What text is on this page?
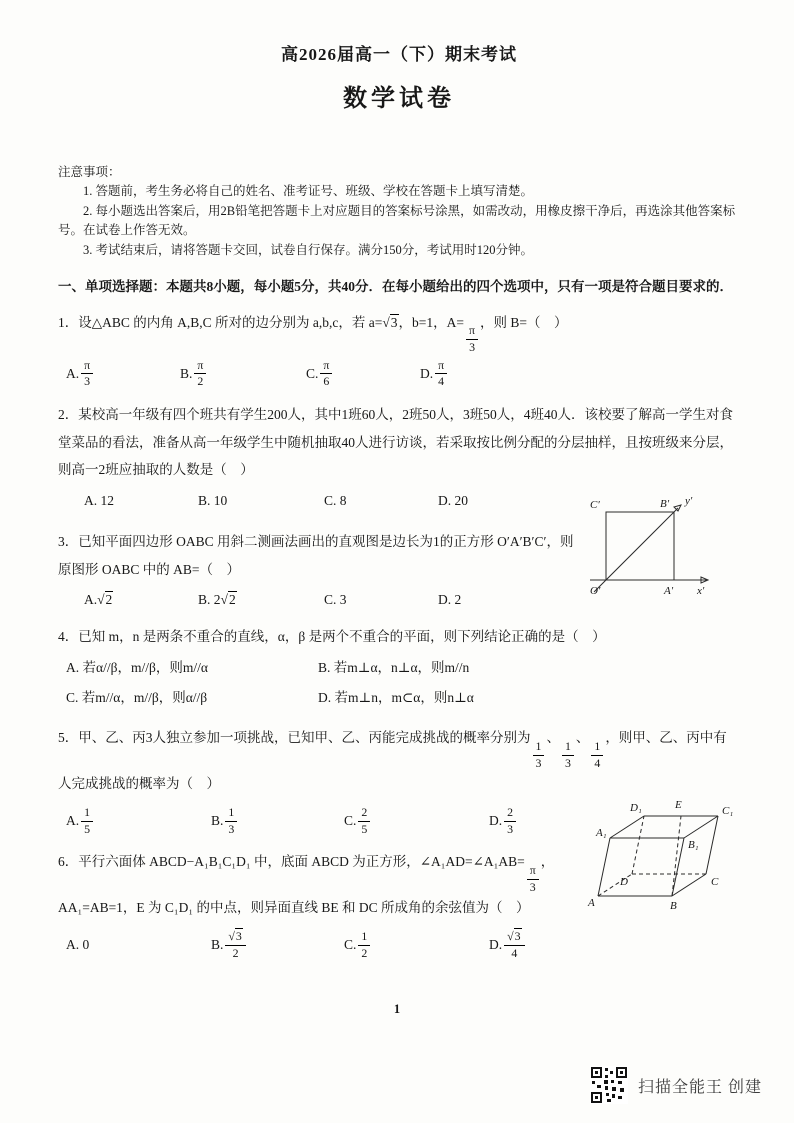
高2026届高一（下）期末考试
数学试卷

注意事项：

1. 答题前，考生务必将自己的姓名、准考证号、班级、学校在答题卡上填写清楚。

2. 每小题选出答案后，用2B铅笔把答题卡上对应题目的答案标号涂黑，如需改动，用橡皮擦干净后，再选涂其他答案标号。在试卷上作答无效。

3. 考试结束后，请将答题卡交回，试卷自行保存。满分150分，考试用时120分钟。

一、单项选择题：本题共8小题，每小题5分，共40分．在每小题给出的四个选项中，只有一项是符合题目要求的．

1．设△ABC 的内角 A,B,C 所对的边分别为 a,b,c，若 a=√3，b=1，A=
$\frac{\pi}{3}$
，则 B=（　）

A. $\frac{\pi}{3}$	B. $\frac{\pi}{2}$	C. $\frac{\pi}{6}$	D. $\frac{\pi}{4}$

2．某校高一年级有四个班共有学生200人，其中1班60人，2班50人，3班50人，4班40人．该校要了解高一学生对食堂菜品的看法，准备从高一年级学生中随机抽取40人进行访谈，若采取按比例分配的分层抽样，且按班级来分层，则高一2班应抽取的人数是（　）

A. 12	B. 10	C. 8	D. 20

3．已知平面四边形 OABC 用斜二测画法画出的直观图是边长为1的正方形 O′A′B′C′，则原图形 OABC 中的 AB=（　）

A. √2	B. 2 √2	C. 3	D. 2

4．已知 m，n 是两条不重合的直线，α，β 是两个不重合的平面，则下列结论正确的是（　）

A. 若α//β，m//β，则m//α	B. 若m⊥α，n⊥α，则m//n
C. 若m//α，m//β，则α//β	D. 若m⊥n，m⊂α，则n⊥α

5．甲、乙、丙3人独立参加一项挑战，已知甲、乙、丙能完成挑战的概率分别为
$\frac{1}{3}$
、
$\frac{1}{3}$
、
$\frac{1}{4}$
，则甲、乙、丙中有人完成挑战的概率为（　）

A. $\frac{1}{5}$	B. $\frac{1}{3}$	C. $\frac{2}{5}$	D. $\frac{2}{3}$

6．平行六面体 ABCD−A₁B₁C₁D₁ 中，底面 ABCD 为正方形，∠A₁AD=∠A₁AB=
$\frac{\pi}{3}$
，AA₁=AB=1，E 为 C₁D₁ 的中点，则异面直线 BE 和 DC 所成角的余弦值为（　）

A. 0	B. $\frac{√3}{2}$	C. $\frac{1}{2}$	D. $\frac{√3}{4}$
C′	B′ y′
O′	A′ x′
A	B
C
D
A₁
B₁
C₁
D₁	E
1
扫描全能王 创建
